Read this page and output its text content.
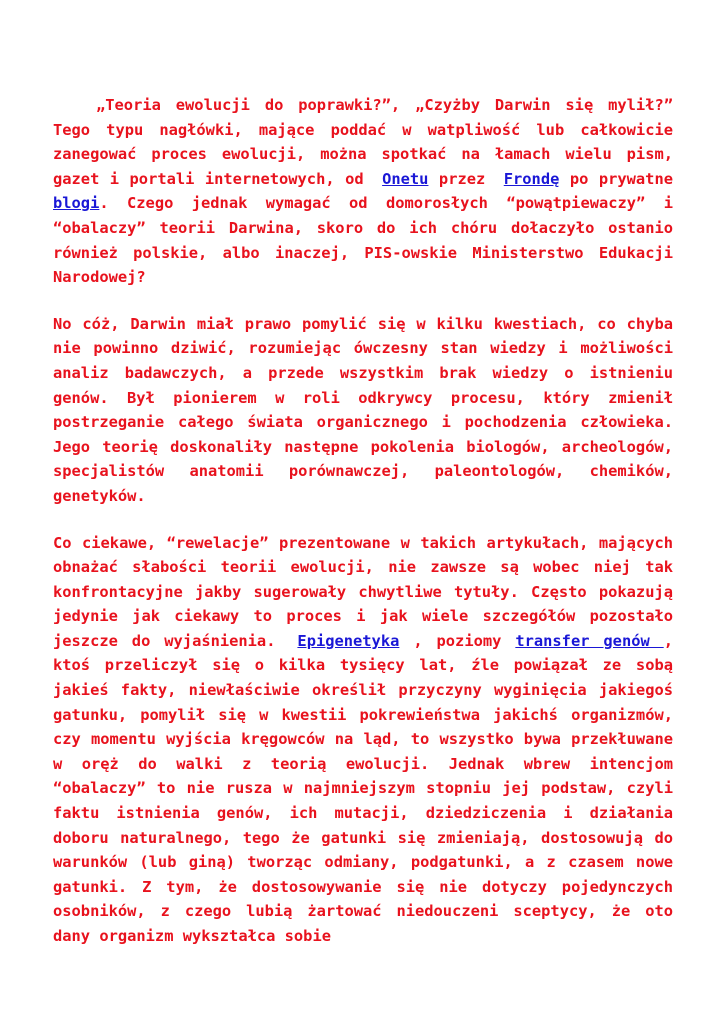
„Teoria ewolucji do poprawki?”, „Czyżby Darwin się mylił?” Tego typu nagłówki, mające poddać w watpliwość lub całkowicie zanegować proces ewolucji, można spotkać na łamach wielu pism, gazet i portali internetowych, od Onetu przez Frondę po prywatne blogi. Czego jednak wymagać od domorosłych “powątpiewaczy” i “obalaczy” teorii Darwina, skoro do ich chóru dołaczyło ostanio również polskie, albo inaczej, PIS-owskie Ministerstwo Edukacji Narodowej?

No cóż, Darwin miał prawo pomylić się w kilku kwestiach, co chyba nie powinno dziwić, rozumiejąc ówczesny stan wiedzy i możliwości analiz badawczych, a przede wszystkim brak wiedzy o istnieniu genów. Był pionierem w roli odkrywcy procesu, który zmienił postrzeganie całego świata organicznego i pochodzenia człowieka. Jego teorię doskonaliły następne pokolenia biologów, archeologów, specjalistów anatomii porównawczej, paleontologów, chemików, genetyków.

Co ciekawe, “rewelacje” prezentowane w takich artykułach, mających obnażać słabości teorii ewolucji, nie zawsze są wobec niej tak konfrontacyjne jakby sugerowały chwytliwe tytuły. Często pokazują jedynie jak ciekawy to proces i jak wiele szczegółów pozostało jeszcze do wyjaśnienia. Epigenetyka , poziomy transfer genów , ktoś przeliczył się o kilka tysięcy lat, źle powiązał ze sobą jakieś fakty, niewłaściwie określił przyczyny wyginięcia jakiegoś gatunku, pomylił się w kwestii pokrewieństwa jakichś organizmów, czy momentu wyjścia kręgowców na ląd, to wszystko bywa przekłuwane w oręż do walki z teorią ewolucji. Jednak wbrew intencjom “obalaczy” to nie rusza w najmniejszym stopniu jej podstaw, czyli faktu istnienia genów, ich mutacji, dziedziczenia i działania doboru naturalnego, tego że gatunki się zmieniają, dostosowują do warunków (lub giną) tworząc odmiany, podgatunki, a z czasem nowe gatunki. Z tym, że dostosowywanie się nie dotyczy pojedynczych osobników, z czego lubią żartować niedouczeni sceptycy, że oto dany organizm wykształca sobie
